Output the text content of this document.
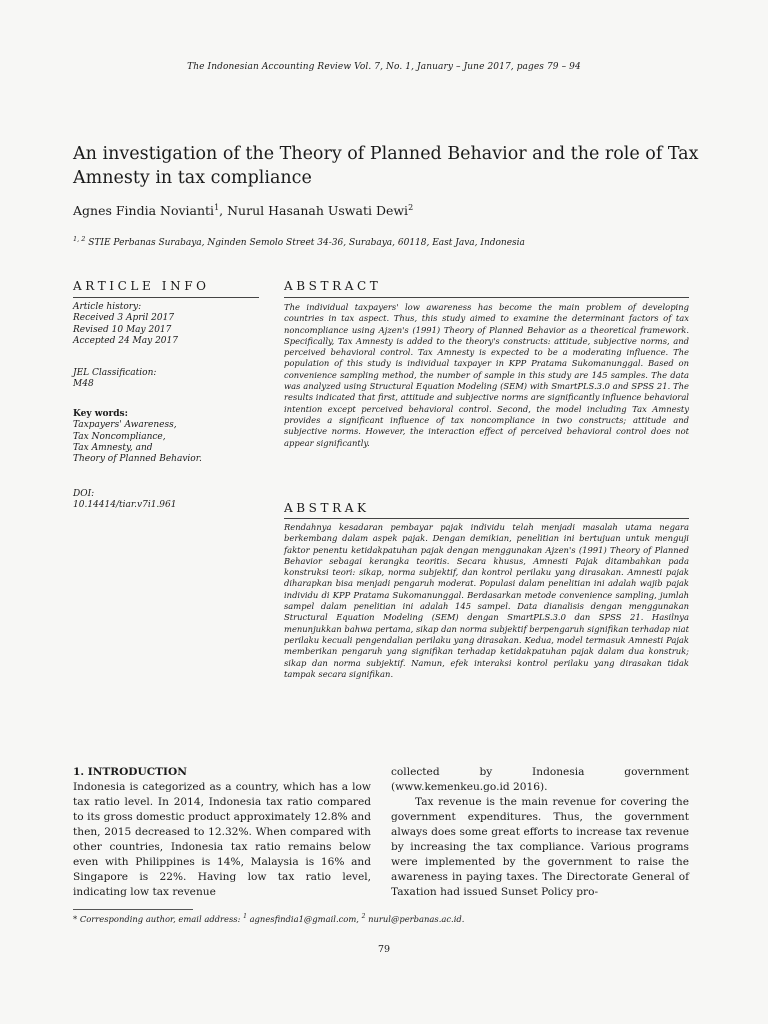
The Indonesian Accounting Review Vol. 7, No. 1, January – June 2017, pages 79 – 94
An investigation of the Theory of Planned Behavior and the role of Tax Amnesty in tax compliance
Agnes Findia Novianti$^1$, Nurul Hasanah Uswati Dewi$^2$
$^{1, 2}$ STIE Perbanas Surabaya, Nginden Semolo Street 34-36, Surabaya, 60118, East Java, Indonesia
ARTICLE INFO

Article history:

Received 3 April 2017

Revised 10 May 2017

Accepted 24 May 2017

JEL Classification:

M48

Key words:

Taxpayers' Awareness,

Tax Noncompliance,

Tax Amnesty, and

Theory of Planned Behavior.

DOI:

10.14414/tiar.v7i1.961

ABSTRACT

The individual taxpayers' low awareness has become the main problem of developing countries in tax aspect. Thus, this study aimed to examine the determinant factors of tax noncompliance using Ajzen's (1991) Theory of Planned Behavior as a theoretical framework. Specifically, Tax Amnesty is added to the theory's constructs: attitude, subjective norms, and perceived behavioral control. Tax Amnesty is expected to be a moderating influence. The population of this study is individual taxpayer in KPP Pratama Sukomanunggal. Based on convenience sampling method, the number of sample in this study are 145 samples. The data was analyzed using Structural Equation Modeling (SEM) with SmartPLS.3.0 and SPSS 21. The results indicated that first, attitude and subjective norms are significantly influence behavioral intention except perceived behavioral control. Second, the model including Tax Amnesty provides a significant influence of tax noncompliance in two constructs; attitude and subjective norms. However, the interaction effect of perceived behavioral control does not appear significantly.

ABSTRAK

Rendahnya kesadaran pembayar pajak individu telah menjadi masalah utama negara berkembang dalam aspek pajak. Dengan demikian, penelitian ini bertujuan untuk menguji faktor penentu ketidakpatuhan pajak dengan menggunakan Ajzen's (1991) Theory of Planned Behavior sebagai kerangka teoritis. Secara khusus, Amnesti Pajak ditambahkan pada konstruksi teori: sikap, norma subjektif, dan kontrol perilaku yang dirasakan. Amnesti pajak diharapkan bisa menjadi pengaruh moderat. Populasi dalam penelitian ini adalah wajib pajak individu di KPP Pratama Sukomanunggal. Berdasarkan metode convenience sampling, jumlah sampel dalam penelitian ini adalah 145 sampel. Data dianalisis dengan menggunakan Structural Equation Modeling (SEM) dengan SmartPLS.3.0 dan SPSS 21. Hasilnya menunjukkan bahwa pertama, sikap dan norma subjektif berpengaruh signifikan terhadap niat perilaku kecuali pengendalian perilaku yang dirasakan. Kedua, model termasuk Amnesti Pajak memberikan pengaruh yang signifikan terhadap ketidakpatuhan pajak dalam dua konstruk; sikap dan norma subjektif. Namun, efek interaksi kontrol perilaku yang dirasakan tidak tampak secara signifikan.

1. INTRODUCTION

Indonesia is categorized as a country, which has a low tax ratio level. In 2014, Indonesia tax ratio compared to its gross domestic product approximately 12.8% and then, 2015 decreased to 12.32%. When compared with other countries, Indonesia tax ratio remains below even with Philippines is 14%, Malaysia is 16% and Singapore is 22%. Having low tax ratio level, indicating low tax revenue

collected by Indonesia government (www.kemenkeu.go.id 2016).

Tax revenue is the main revenue for covering the government expenditures. Thus, the government always does some great efforts to increase tax revenue by increasing the tax compliance. Various programs were implemented by the government to raise the awareness in paying taxes. The Directorate General of Taxation had issued Sunset Policy pro-

* Corresponding author, email address: $^1$ agnesfindia1@gmail.com, $^2$ nurul@perbanas.ac.id.
79
